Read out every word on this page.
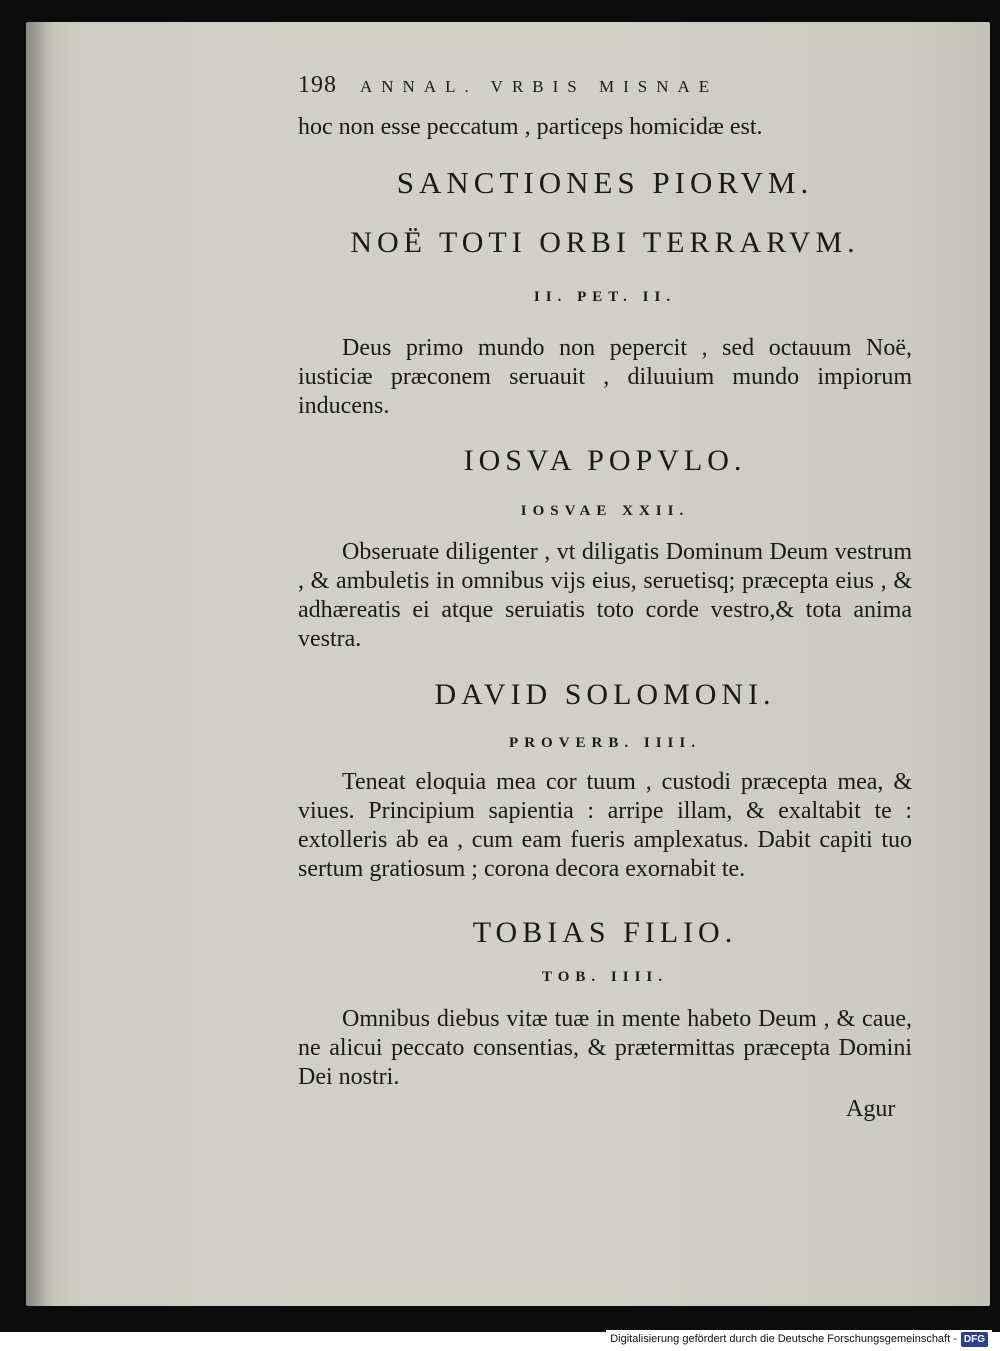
198 ANNAL. VRBIS MISNAE
hoc non esse peccatum , particeps homicidæ est.
SANCTIONES PIORVM.
NOË TOTI ORBI TERRARVM.
II. PET. II.
Deus primo mundo non pepercit , sed octauum Noë, iusticiæ præconem seruauit , diluuium mundo impiorum inducens.
IOSVA POPVLO.
IOSVAE XXII.
Obseruate diligenter , vt diligatis Dominum Deum vestrum , & ambuletis in omnibus vijs eius, seruetisq; præcepta eius , & adhæreatis ei atque seruiatis toto corde vestro,& tota anima vestra.
DAVID SOLOMONI.
PROVERB. IIII.
Teneat eloquia mea cor tuum , custodi præcepta mea, & viues. Principium sapientia : arripe illam, & exaltabit te : extolleris ab ea , cum eam fueris amplexatus. Dabit capiti tuo sertum gratiosum ; corona decora exornabit te.
TOBIAS FILIO.
TOB. IIII.
Omnibus diebus vitæ tuæ in mente habeto Deum , & caue, ne alicui peccato consentias, & prætermittas præcepta Domini Dei nostri.
Agur
Digitalisierung gefördert durch die Deutsche Forschungsgemeinschaft - DFG
